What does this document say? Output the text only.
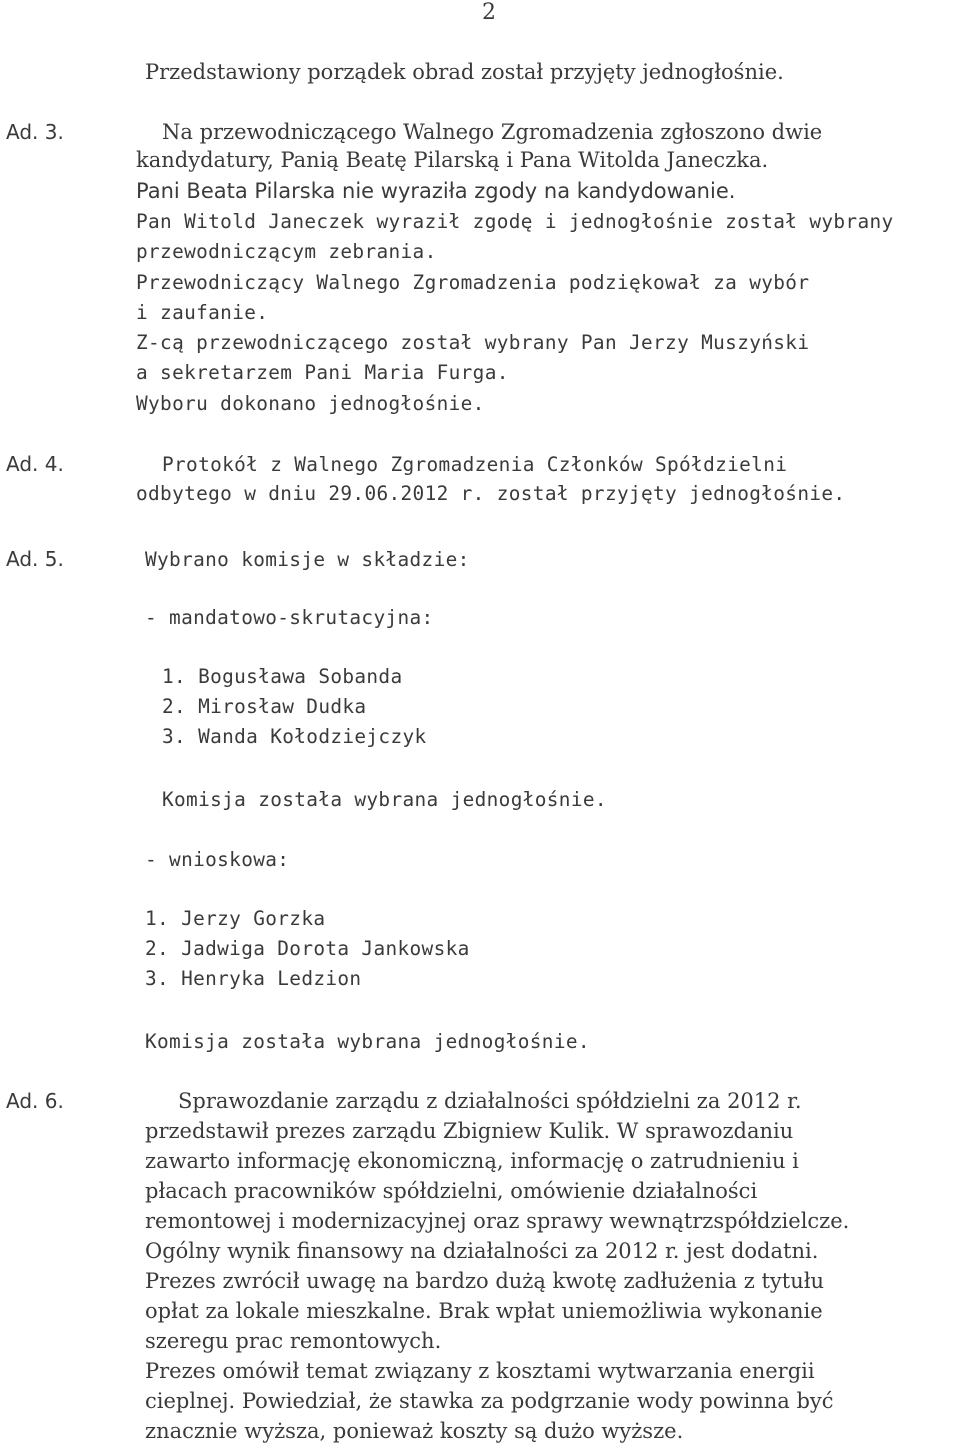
2
Przedstawiony porządek obrad został przyjęty jednogłośnie.
Ad. 3.	Na przewodniczącego Walnego Zgromadzenia zgłoszono dwie
kandydatury, Panią Beatę Pilarską i Pana Witolda Janeczka.
Pani Beata Pilarska nie wyraziła zgody na kandydowanie.
Pan Witold Janeczek wyraził zgodę i jednogłośnie został wybrany
przewodniczącym zebrania.
Przewodniczący Walnego Zgromadzenia podziękował za wybór
i zaufanie.
Z-cą przewodniczącego został wybrany Pan Jerzy Muszyński
a sekretarzem Pani Maria Furga.
Wyboru dokonano jednogłośnie.
Ad. 4.	Protokół z Walnego Zgromadzenia Członków Spółdzielni
odbytego w dniu 29.06.2012 r. został przyjęty jednogłośnie.
Ad. 5.	Wybrano komisje w składzie:
- mandatowo-skrutacyjna:
1. Bogusława Sobanda
2. Mirosław Dudka
3. Wanda Kołodziejczyk
Komisja została wybrana jednogłośnie.
- wnioskowa:
1. Jerzy Gorzka
2. Jadwiga Dorota Jankowska
3. Henryka Ledzion
Komisja została wybrana jednogłośnie.
Ad. 6.	Sprawozdanie zarządu z działalności spółdzielni za 2012 r.
przedstawił prezes zarządu Zbigniew Kulik. W sprawozdaniu
zawarto informację ekonomiczną, informację o zatrudnieniu i
płacach pracowników spółdzielni, omówienie działalności
remontowej i modernizacyjnej oraz sprawy wewnątrzspółdzielcze.
Ogólny wynik finansowy na działalności za 2012 r. jest dodatni.
Prezes zwrócił uwagę na bardzo dużą kwotę zadłużenia z tytułu
opłat za lokale mieszkalne. Brak wpłat uniemożliwia wykonanie
szeregu prac remontowych.
Prezes omówił temat związany z kosztami wytwarzania energii
cieplnej. Powiedział, że stawka za podgrzanie wody powinna być
znacznie wyższa, ponieważ koszty są dużo wyższe.
